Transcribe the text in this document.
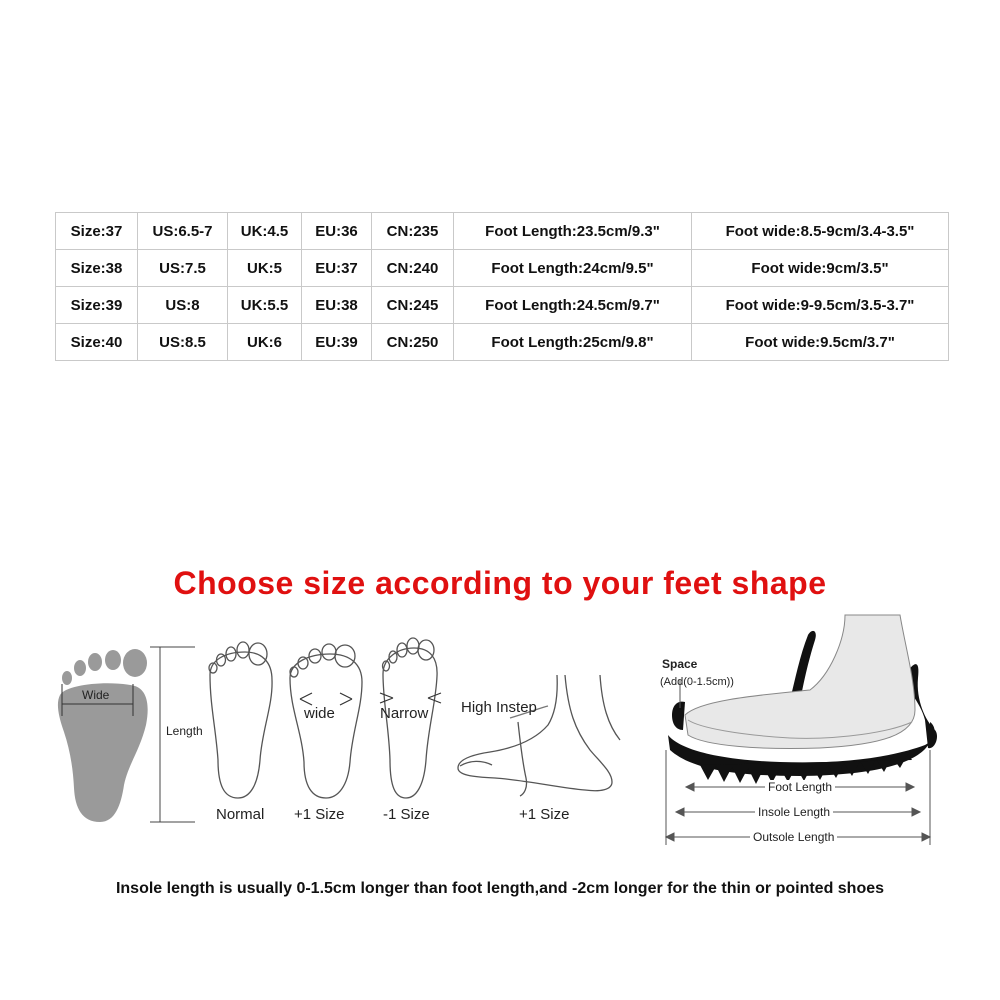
Size:37	US:6.5-7	UK:4.5	EU:36	CN:235	Foot Length:23.5cm/9.3"	Foot wide:8.5-9cm/3.4-3.5"
Size:38	US:7.5	UK:5	EU:37	CN:240	Foot Length:24cm/9.5"	Foot wide:9cm/3.5"
Size:39	US:8	UK:5.5	EU:38	CN:245	Foot Length:24.5cm/9.7"	Foot wide:9-9.5cm/3.5-3.7"
Size:40	US:8.5	UK:6	EU:39	CN:250	Foot Length:25cm/9.8"	Foot wide:9.5cm/3.7"
Choose size according to your feet shape
Wide
Length
Normal
wide
+1 Size
Narrow
-1 Size
High Instep
+1 Size
Space
(Add(0-1.5cm))
Foot Length
Insole Length
Outsole Length
Insole length is usually 0-1.5cm longer than foot length,and -2cm longer for the thin or pointed shoes
